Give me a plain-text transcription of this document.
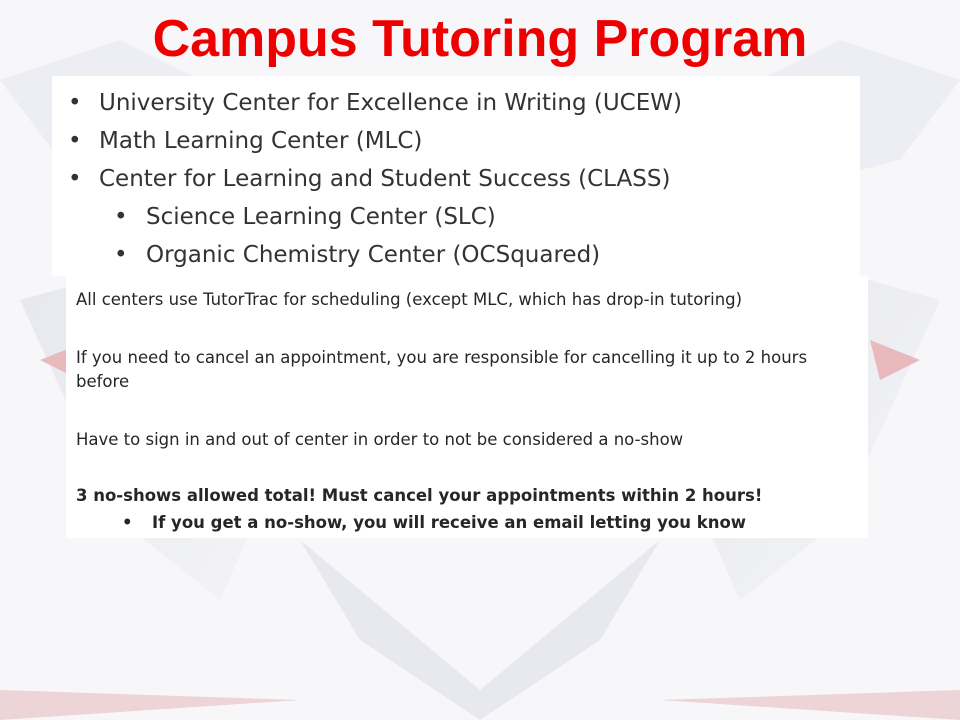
Campus Tutoring Program
• University Center for Excellence in Writing (UCEW)
• Math Learning Center (MLC)
• Center for Learning and Student Success (CLASS)
• Science Learning Center (SLC)
• Organic Chemistry Center (OCSquared)
All centers use TutorTrac for scheduling (except MLC, which has drop-in tutoring)
If you need to cancel an appointment, you are responsible for cancelling it up to 2 hours before
Have to sign in and out of center in order to not be considered a no-show
3 no-shows allowed total! Must cancel your appointments within 2 hours!
• If you get a no-show, you will receive an email letting you know
